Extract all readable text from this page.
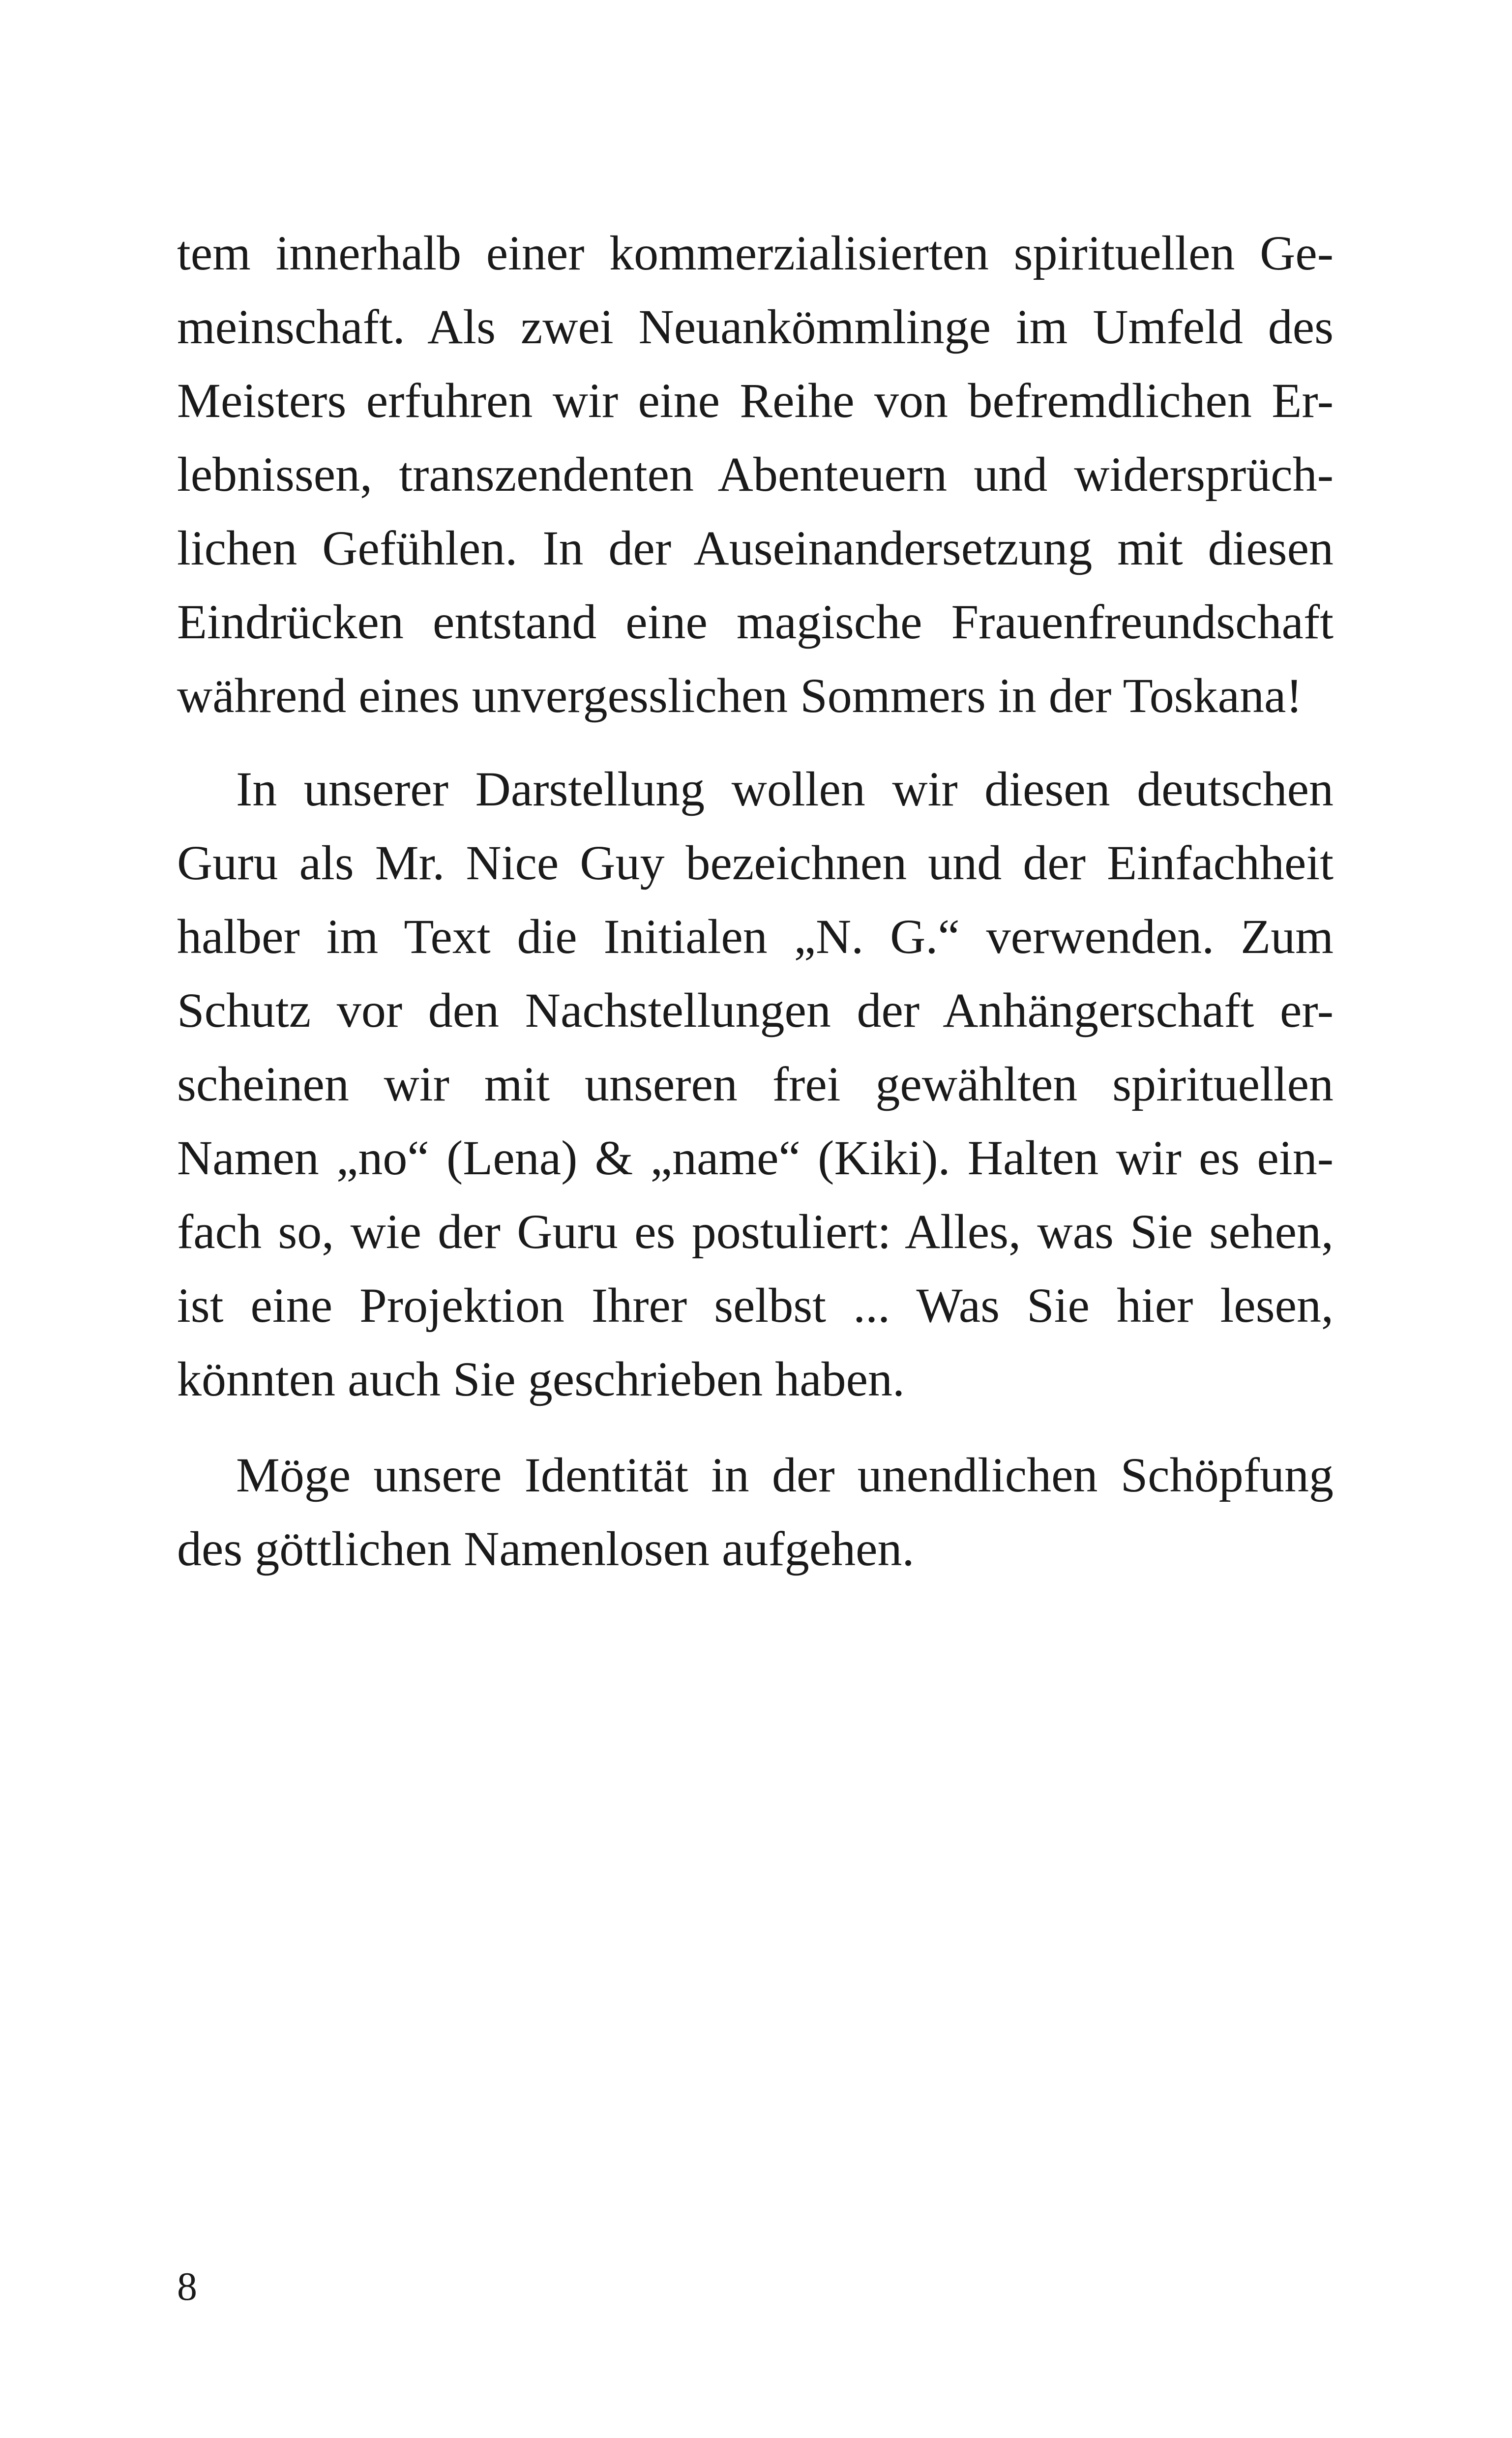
tem innerhalb einer kommerzialisierten spirituellen Ge-
meinschaft. Als zwei Neuankömmlinge im Umfeld des
Meisters erfuhren wir eine Reihe von befremdlichen Er-
lebnissen, transzendenten Abenteuern und widersprüch-
lichen Gefühlen. In der Auseinandersetzung mit diesen
Eindrücken entstand eine magische Frauenfreundschaft
während eines unvergesslichen Sommers in der Toskana!
In unserer Darstellung wollen wir diesen deutschen
Guru als Mr. Nice Guy bezeichnen und der Einfachheit
halber im Text die Initialen „N. G.“ verwenden. Zum
Schutz vor den Nachstellungen der Anhängerschaft er-
scheinen wir mit unseren frei gewählten spirituellen
Namen „no“ (Lena) & „name“ (Kiki). Halten wir es ein-
fach so, wie der Guru es postuliert: Alles, was Sie sehen,
ist eine Projektion Ihrer selbst ... Was Sie hier lesen,
könnten auch Sie geschrieben haben.
Möge unsere Identität in der unendlichen Schöpfung
des göttlichen Namenlosen aufgehen.
8
